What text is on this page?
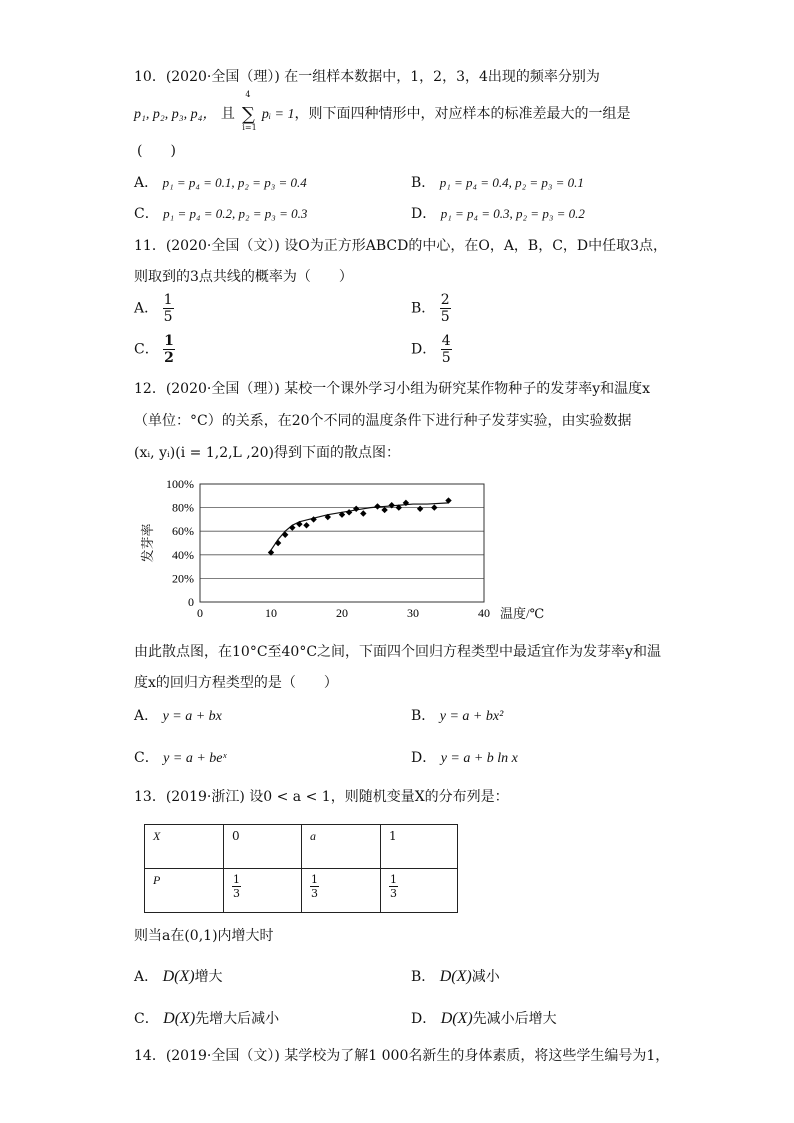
10．(2020·全国（理）) 在一组样本数据中，1，2，3，4出现的频率分别为
p₁, p₂, p₃, p₄， 且
4
∑
i=1
pᵢ = 1，则下面四种情形中，对应样本的标准差最大的一组是
(　　)
A． p₁ = p₄ = 0.1, p₂ = p₃ = 0.4	B． p₁ = p₄ = 0.4, p₂ = p₃ = 0.1
C． p₁ = p₄ = 0.2, p₂ = p₃ = 0.3	D． p₁ = p₄ = 0.3, p₂ = p₃ = 0.2
11．(2020·全国（文）) 设O为正方形ABCD的中心，在O，A，B，C，D中任取3点，
则取到的3点共线的概率为（　　）
A． $\frac{1}{5}$	B． $\frac{2}{5}$
C． $\frac{1}{2}$	D． $\frac{4}{5}$
12．(2020·全国（理）) 某校一个课外学习小组为研究某作物种子的发芽率y和温度x
（单位：°C）的关系，在20个不同的温度条件下进行种子发芽实验，由实验数据
(xᵢ, yᵢ)(i = 1,2,L ,20)得到下面的散点图：
0
20%
40%
60%
80%
100%
0	10	20	30	40 温度/℃
发芽率
由此散点图，在10°C至40°C之间，下面四个回归方程类型中最适宜作为发芽率y和温
度x的回归方程类型的是（　　）
A． y = a + bx	B． y = a + bx²
C． y = a + beˣ	D． y = a + b ln x
13．(2019·浙江) 设0 < a < 1，则随机变量X的分布列是：
X	0	a	1
P	$\frac{1}{3}$	$\frac{1}{3}$	$\frac{1}{3}$
则当a在(0,1)内增大时
A． D(X)增大	B． D(X)减小
C． D(X)先增大后减小	D． D(X)先减小后增大
14．(2019·全国（文）) 某学校为了解1 000名新生的身体素质，将这些学生编号为1，
